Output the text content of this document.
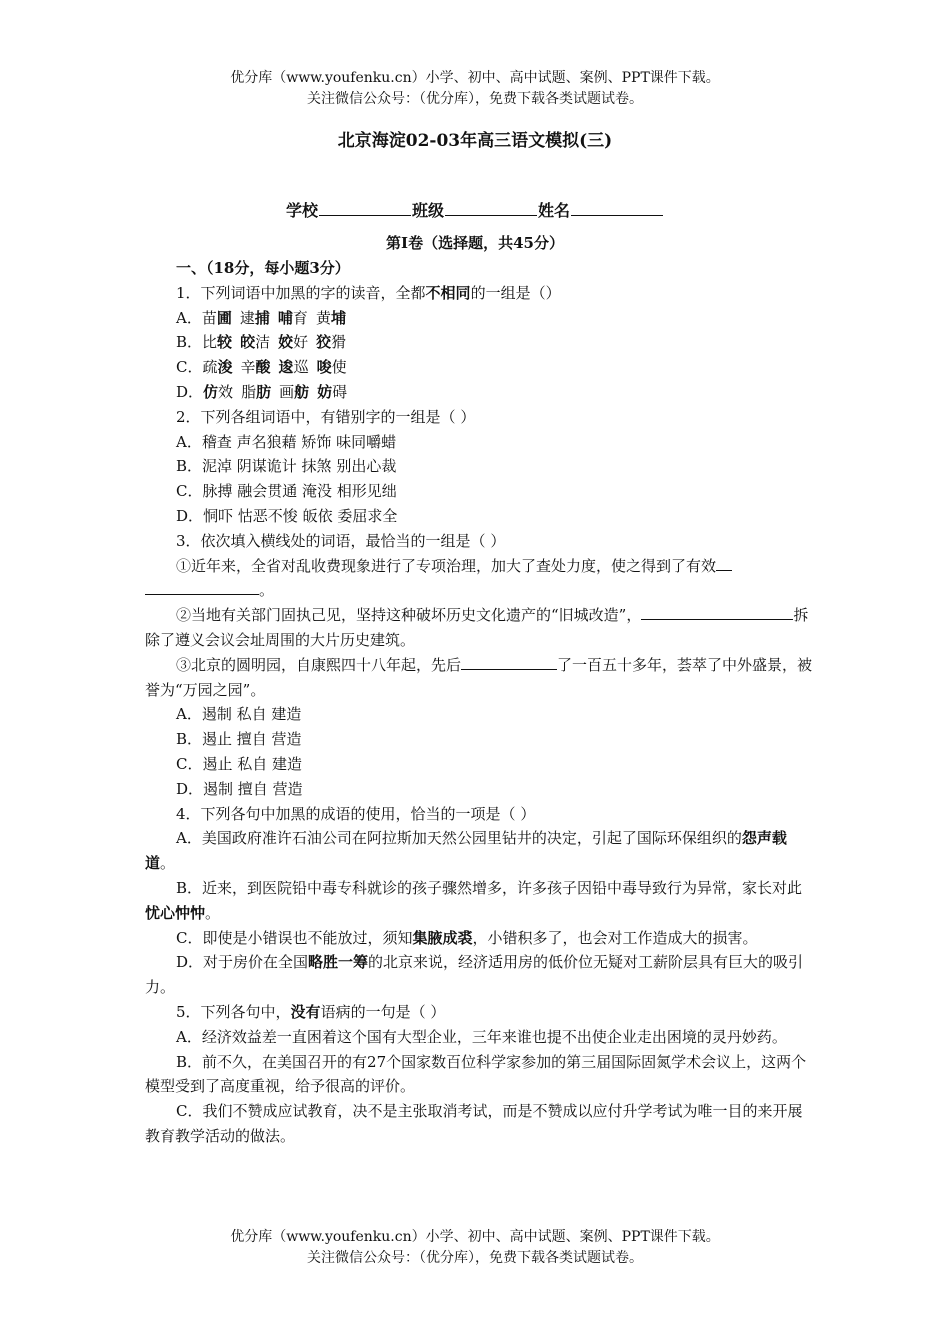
优分库（www.youfenku.cn）小学、初中、高中试题、案例、PPT课件下载。
关注微信公众号：（优分库），免费下载各类试题试卷。
北京海淀02-03年高三语文模拟(三)
学校	班级	姓名
第I卷（选择题，共45分）

一、（18分，每小题3分）

1．下列词语中加黑的字的读音，全都不相同的一组是（）

A．苗圃 逮捕 哺育 黄埔

B．比较 皎洁 姣好 狡猾

C．疏浚 辛酸 逡巡 唆使

D．仿效 脂肪 画舫 妨碍

2．下列各组词语中，有错别字的一组是（ ）

A．稽查 声名狼藉 矫饰 味同嚼蜡

B．泥淖 阴谋诡计 抹煞 别出心裁

C．脉搏 融会贯通 淹没 相形见绌

D．恫吓 怙恶不悛 皈依 委屈求全

3．依次填入横线处的词语，最恰当的一组是（ ）

①近年来，全省对乱收费现象进行了专项治理，加大了查处力度，使之得到了有效。

②当地有关部门固执己见，坚持这种破坏历史文化遗产的“旧城改造”，	拆除了遵义会议会址周围的大片历史建筑。

③北京的圆明园，自康熙四十八年起，先后	了一百五十多年，荟萃了中外盛景，被誉为“万园之园”。

A．遏制 私自 建造

B．遏止 擅自 营造

C．遏止 私自 建造

D．遏制 擅自 营造

4．下列各句中加黑的成语的使用，恰当的一项是（ ）

A．美国政府准许石油公司在阿拉斯加天然公园里钻井的决定，引起了国际环保组织的怨声载道。

B．近来，到医院铅中毒专科就诊的孩子骤然增多，许多孩子因铅中毒导致行为异常，家长对此忧心忡忡。

C．即使是小错误也不能放过，须知集腋成裘，小错积多了，也会对工作造成大的损害。

D．对于房价在全国略胜一筹的北京来说，经济适用房的低价位无疑对工薪阶层具有巨大的吸引力。

5．下列各句中，没有语病的一句是（ ）

A．经济效益差一直困着这个国有大型企业，三年来谁也提不出使企业走出困境的灵丹妙药。

B．前不久，在美国召开的有27个国家数百位科学家参加的第三届国际固氮学术会议上，这两个模型受到了高度重视，给予很高的评价。

C．我们不赞成应试教育，决不是主张取消考试，而是不赞成以应付升学考试为唯一目的来开展教育教学活动的做法。

优分库（www.youfenku.cn）小学、初中、高中试题、案例、PPT课件下载。
关注微信公众号：（优分库），免费下载各类试题试卷。
